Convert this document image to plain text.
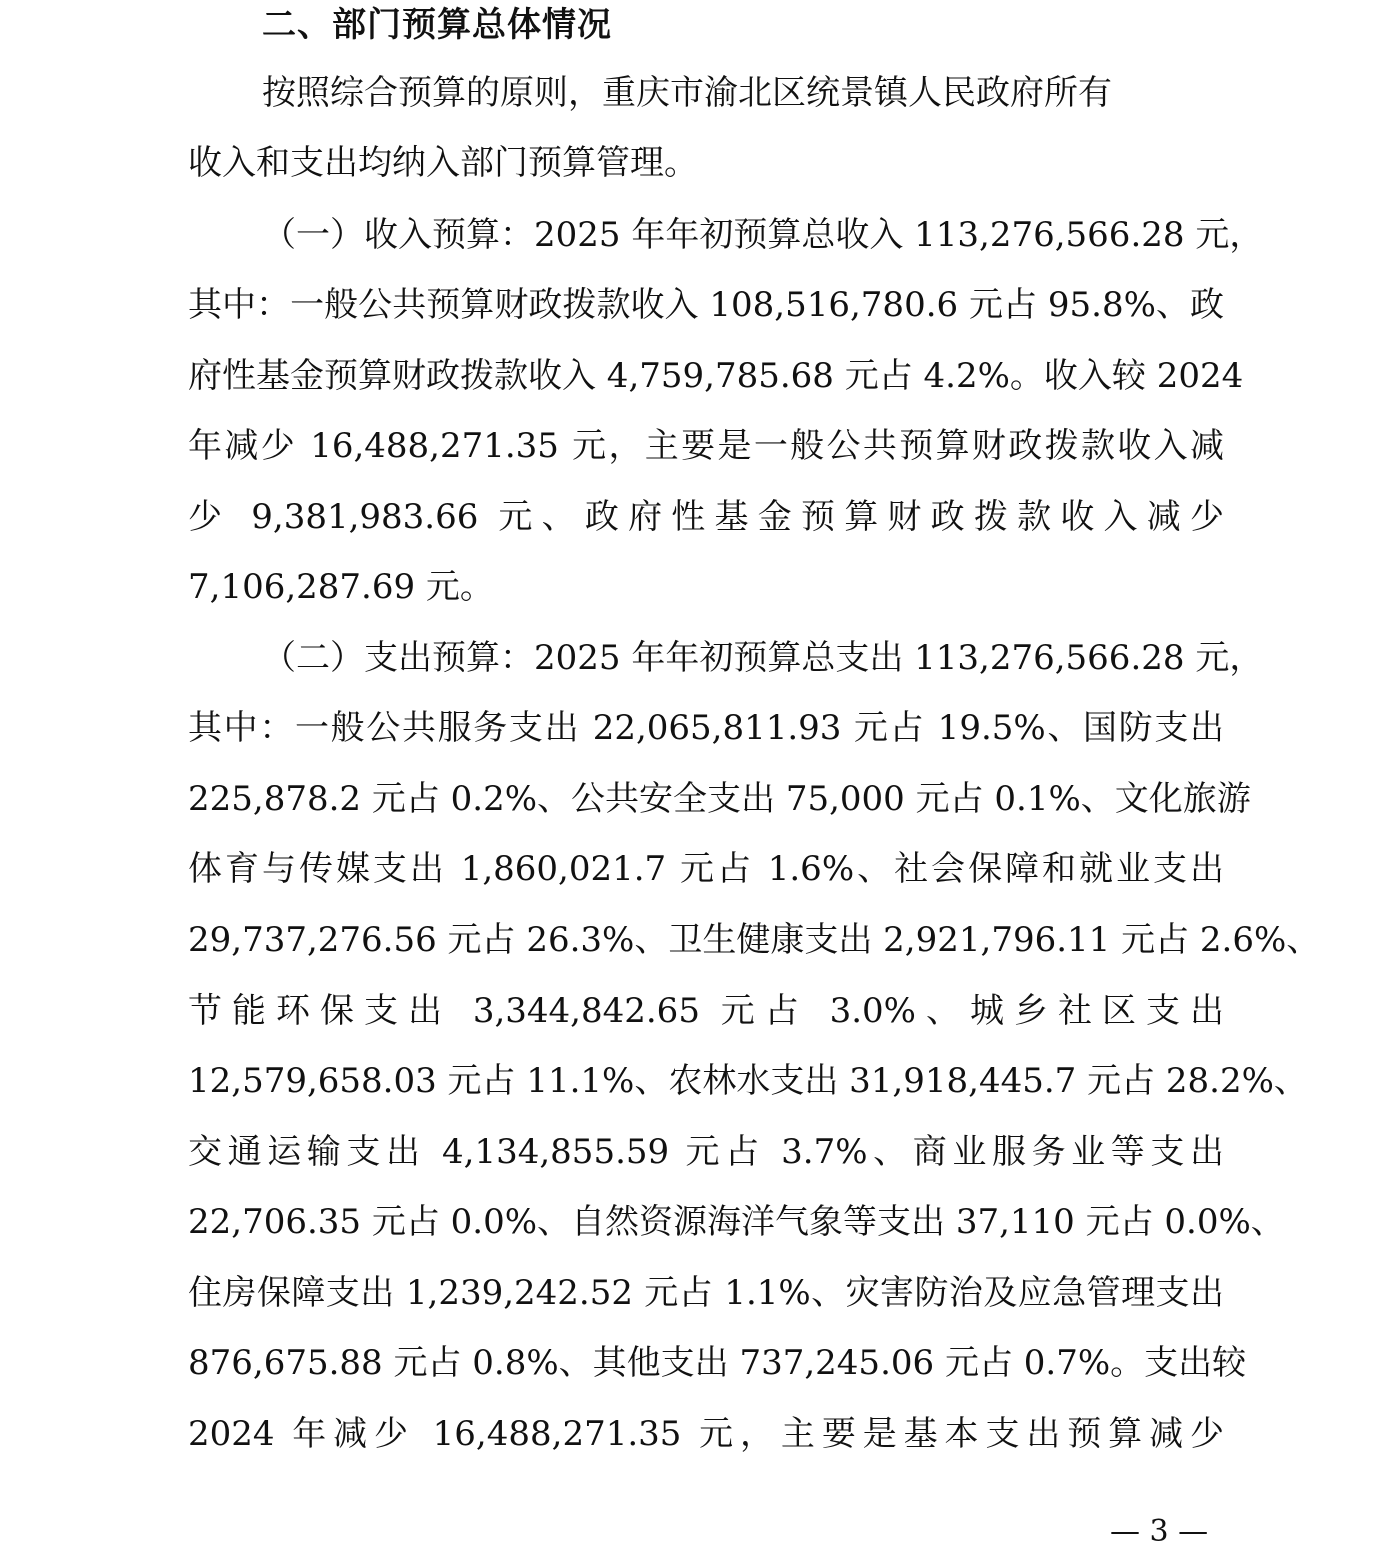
二、部门预算总体情况
按照综合预算的原则，重庆市渝北区统景镇人民政府所有
收入和支出均纳入部门预算管理。
（一）收入预算：2025 年年初预算总收入 113,276,566.28 元，
其中：一般公共预算财政拨款收入 108,516,780.6 元占 95.8%、政
府性基金预算财政拨款收入 4,759,785.68 元占 4.2%。收入较 2024
年减少 16,488,271.35 元，主要是一般公共预算财政拨款收入减
少 9,381,983.66 元、政府性基金预算财政拨款收入减少
7,106,287.69 元。
（二）支出预算：2025 年年初预算总支出 113,276,566.28 元，
其中：一般公共服务支出 22,065,811.93 元占 19.5%、国防支出
225,878.2 元占 0.2%、公共安全支出 75,000 元占 0.1%、文化旅游
体育与传媒支出 1,860,021.7 元占 1.6%、社会保障和就业支出
29,737,276.56 元占 26.3%、卫生健康支出 2,921,796.11 元占 2.6%、
节能环保支出 3,344,842.65 元占 3.0%、城乡社区支出
12,579,658.03 元占 11.1%、农林水支出 31,918,445.7 元占 28.2%、
交通运输支出 4,134,855.59 元占 3.7%、商业服务业等支出
22,706.35 元占 0.0%、自然资源海洋气象等支出 37,110 元占 0.0%、
住房保障支出 1,239,242.52 元占 1.1%、灾害防治及应急管理支出
876,675.88 元占 0.8%、其他支出 737,245.06 元占 0.7%。支出较
2024 年减少 16,488,271.35 元，主要是基本支出预算减少
— 3 —
